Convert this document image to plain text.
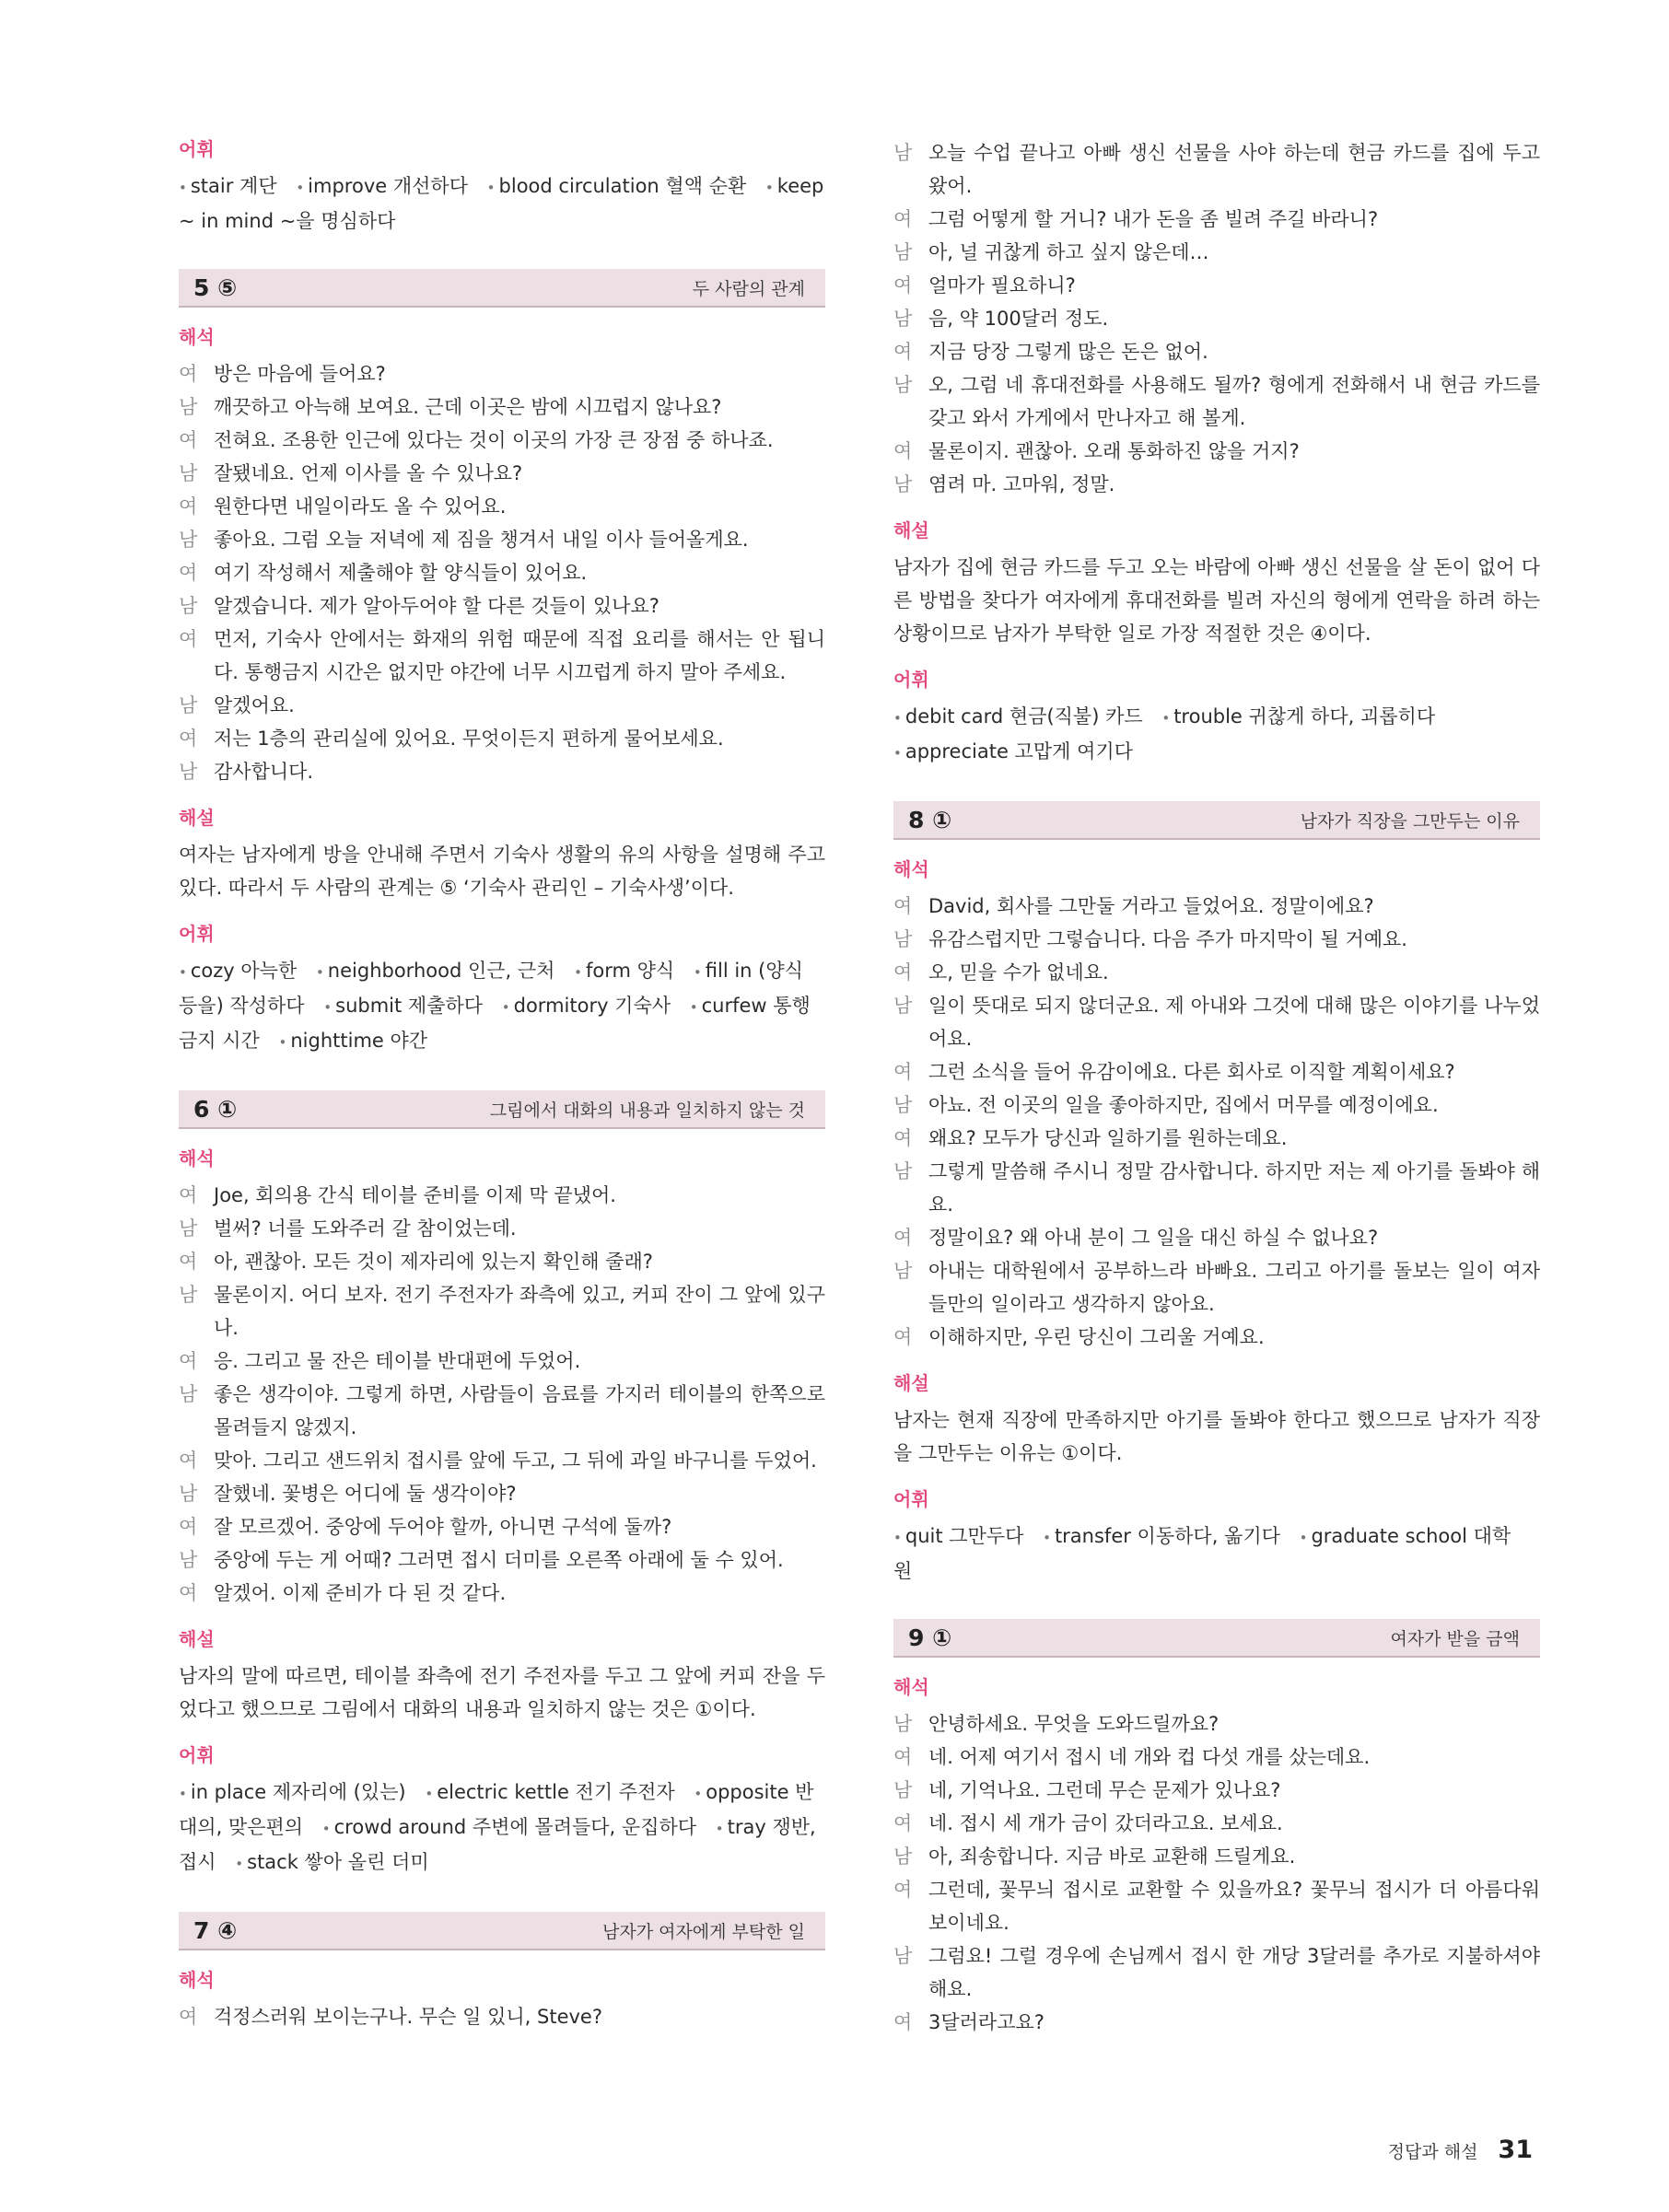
어휘
• stair 계단 • improve 개선하다 • blood circulation 혈액 순환 • keep ~ in mind ~을 명심하다
5 ⑤	두 사람의 관계
해석
여 방은 마음에 들어요?
남 깨끗하고 아늑해 보여요. 근데 이곳은 밤에 시끄럽지 않나요?
여 전혀요. 조용한 인근에 있다는 것이 이곳의 가장 큰 장점 중 하나죠.
남 잘됐네요. 언제 이사를 올 수 있나요?
여 원한다면 내일이라도 올 수 있어요.
남 좋아요. 그럼 오늘 저녁에 제 짐을 챙겨서 내일 이사 들어올게요.
여 여기 작성해서 제출해야 할 양식들이 있어요.
남 알겠습니다. 제가 알아두어야 할 다른 것들이 있나요?
여 먼저, 기숙사 안에서는 화재의 위험 때문에 직접 요리를 해서는 안 됩니다. 통행금지 시간은 없지만 야간에 너무 시끄럽게 하지 말아 주세요.
남 알겠어요.
여 저는 1층의 관리실에 있어요. 무엇이든지 편하게 물어보세요.
남 감사합니다.
해설

여자는 남자에게 방을 안내해 주면서 기숙사 생활의 유의 사항을 설명해 주고 있다. 따라서 두 사람의 관계는 ⑤ ‘기숙사 관리인 – 기숙사생’이다.

어휘
• cozy 아늑한 • neighborhood 인근, 근처 • form 양식 • fill in (양식 등을) 작성하다 • submit 제출하다 • dormitory 기숙사 • curfew 통행금지 시간 • nighttime 야간
6 ①	그림에서 대화의 내용과 일치하지 않는 것
해석
여 Joe, 회의용 간식 테이블 준비를 이제 막 끝냈어.
남 벌써? 너를 도와주러 갈 참이었는데.
여 아, 괜찮아. 모든 것이 제자리에 있는지 확인해 줄래?
남 물론이지. 어디 보자. 전기 주전자가 좌측에 있고, 커피 잔이 그 앞에 있구나.
여 응. 그리고 물 잔은 테이블 반대편에 두었어.
남 좋은 생각이야. 그렇게 하면, 사람들이 음료를 가지러 테이블의 한쪽으로 몰려들지 않겠지.
여 맞아. 그리고 샌드위치 접시를 앞에 두고, 그 뒤에 과일 바구니를 두었어.
남 잘했네. 꽃병은 어디에 둘 생각이야?
여 잘 모르겠어. 중앙에 두어야 할까, 아니면 구석에 둘까?
남 중앙에 두는 게 어때? 그러면 접시 더미를 오른쪽 아래에 둘 수 있어.
여 알겠어. 이제 준비가 다 된 것 같다.
해설

남자의 말에 따르면, 테이블 좌측에 전기 주전자를 두고 그 앞에 커피 잔을 두었다고 했으므로 그림에서 대화의 내용과 일치하지 않는 것은 ①이다.

어휘
• in place 제자리에 (있는) • electric kettle 전기 주전자 • opposite 반대의, 맞은편의 • crowd around 주변에 몰려들다, 운집하다 • tray 쟁반, 접시 • stack 쌓아 올린 더미
7 ④	남자가 여자에게 부탁한 일
해석
여 걱정스러워 보이는구나. 무슨 일 있니, Steve?
남 오늘 수업 끝나고 아빠 생신 선물을 사야 하는데 현금 카드를 집에 두고 왔어.
여 그럼 어떻게 할 거니? 내가 돈을 좀 빌려 주길 바라니?
남 아, 널 귀찮게 하고 싶지 않은데…
여 얼마가 필요하니?
남 음, 약 100달러 정도.
여 지금 당장 그렇게 많은 돈은 없어.
남 오, 그럼 네 휴대전화를 사용해도 될까? 형에게 전화해서 내 현금 카드를 갖고 와서 가게에서 만나자고 해 볼게.
여 물론이지. 괜찮아. 오래 통화하진 않을 거지?
남 염려 마. 고마워, 정말.
해설

남자가 집에 현금 카드를 두고 오는 바람에 아빠 생신 선물을 살 돈이 없어 다른 방법을 찾다가 여자에게 휴대전화를 빌려 자신의 형에게 연락을 하려 하는 상황이므로 남자가 부탁한 일로 가장 적절한 것은 ④이다.

어휘
• debit card 현금(직불) 카드 • trouble 귀찮게 하다, 괴롭히다 • appreciate 고맙게 여기다
8 ①	남자가 직장을 그만두는 이유
해석
여 David, 회사를 그만둘 거라고 들었어요. 정말이에요?
남 유감스럽지만 그렇습니다. 다음 주가 마지막이 될 거예요.
여 오, 믿을 수가 없네요.
남 일이 뜻대로 되지 않더군요. 제 아내와 그것에 대해 많은 이야기를 나누었어요.
여 그런 소식을 들어 유감이에요. 다른 회사로 이직할 계획이세요?
남 아뇨. 전 이곳의 일을 좋아하지만, 집에서 머무를 예정이에요.
여 왜요? 모두가 당신과 일하기를 원하는데요.
남 그렇게 말씀해 주시니 정말 감사합니다. 하지만 저는 제 아기를 돌봐야 해요.
여 정말이요? 왜 아내 분이 그 일을 대신 하실 수 없나요?
남 아내는 대학원에서 공부하느라 바빠요. 그리고 아기를 돌보는 일이 여자들만의 일이라고 생각하지 않아요.
여 이해하지만, 우린 당신이 그리울 거예요.
해설

남자는 현재 직장에 만족하지만 아기를 돌봐야 한다고 했으므로 남자가 직장을 그만두는 이유는 ①이다.

어휘
• quit 그만두다 • transfer 이동하다, 옮기다 • graduate school 대학원
9 ①	여자가 받을 금액
해석
남 안녕하세요. 무엇을 도와드릴까요?
여 네. 어제 여기서 접시 네 개와 컵 다섯 개를 샀는데요.
남 네, 기억나요. 그런데 무슨 문제가 있나요?
여 네. 접시 세 개가 금이 갔더라고요. 보세요.
남 아, 죄송합니다. 지금 바로 교환해 드릴게요.
여 그런데, 꽃무늬 접시로 교환할 수 있을까요? 꽃무늬 접시가 더 아름다워 보이네요.
남 그럼요! 그럴 경우에 손님께서 접시 한 개당 3달러를 추가로 지불하셔야 해요.
여 3달러라고요?
정답과 해설 31
